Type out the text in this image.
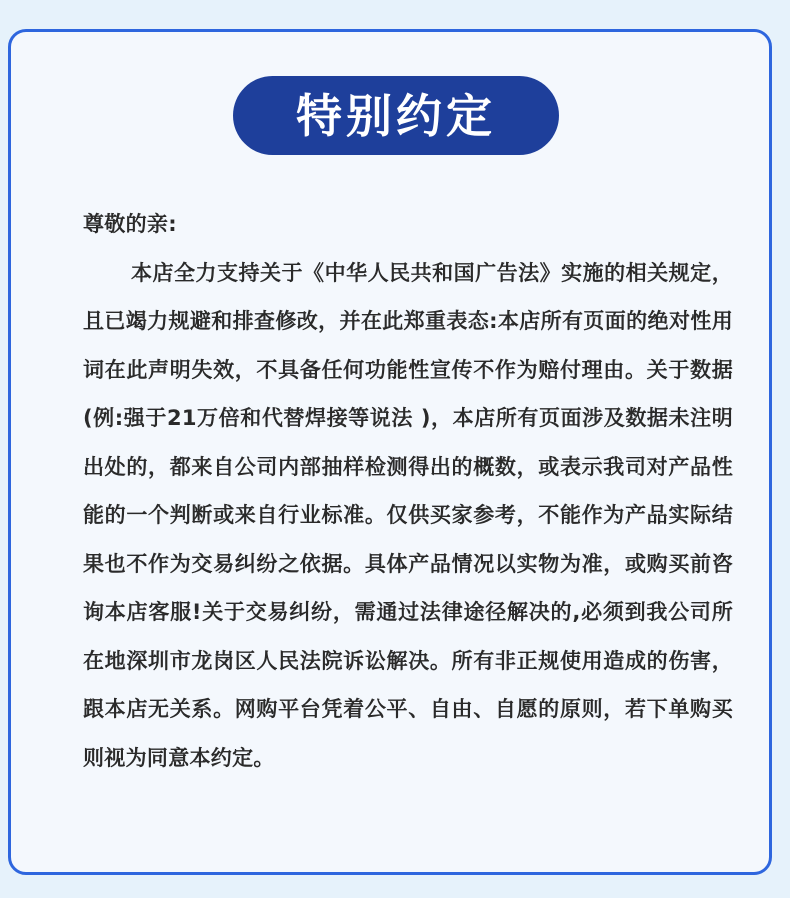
特别约定
尊敬的亲:
本店全力支持关于《中华人民共和国广告法》实施的相关规定，且已竭力规避和排查修改，并在此郑重表态:本店所有页面的绝对性用词在此声明失效，不具备任何功能性宣传不作为赔付理由。关于数据(例:强于21万倍和代替焊接等说法 )，本店所有页面涉及数据未注明出处的，都来自公司内部抽样检测得出的概数，或表示我司对产品性能的一个判断或来自行业标准。仅供买家参考，不能作为产品实际结果也不作为交易纠纷之依据。具体产品情况以实物为准，或购买前咨询本店客服!关于交易纠纷，需通过法律途径解决的,必须到我公司所在地深圳市龙岗区人民法院诉讼解决。所有非正规使用造成的伤害，跟本店无关系。网购平台凭着公平、自由、自愿的原则，若下单购买则视为同意本约定。
